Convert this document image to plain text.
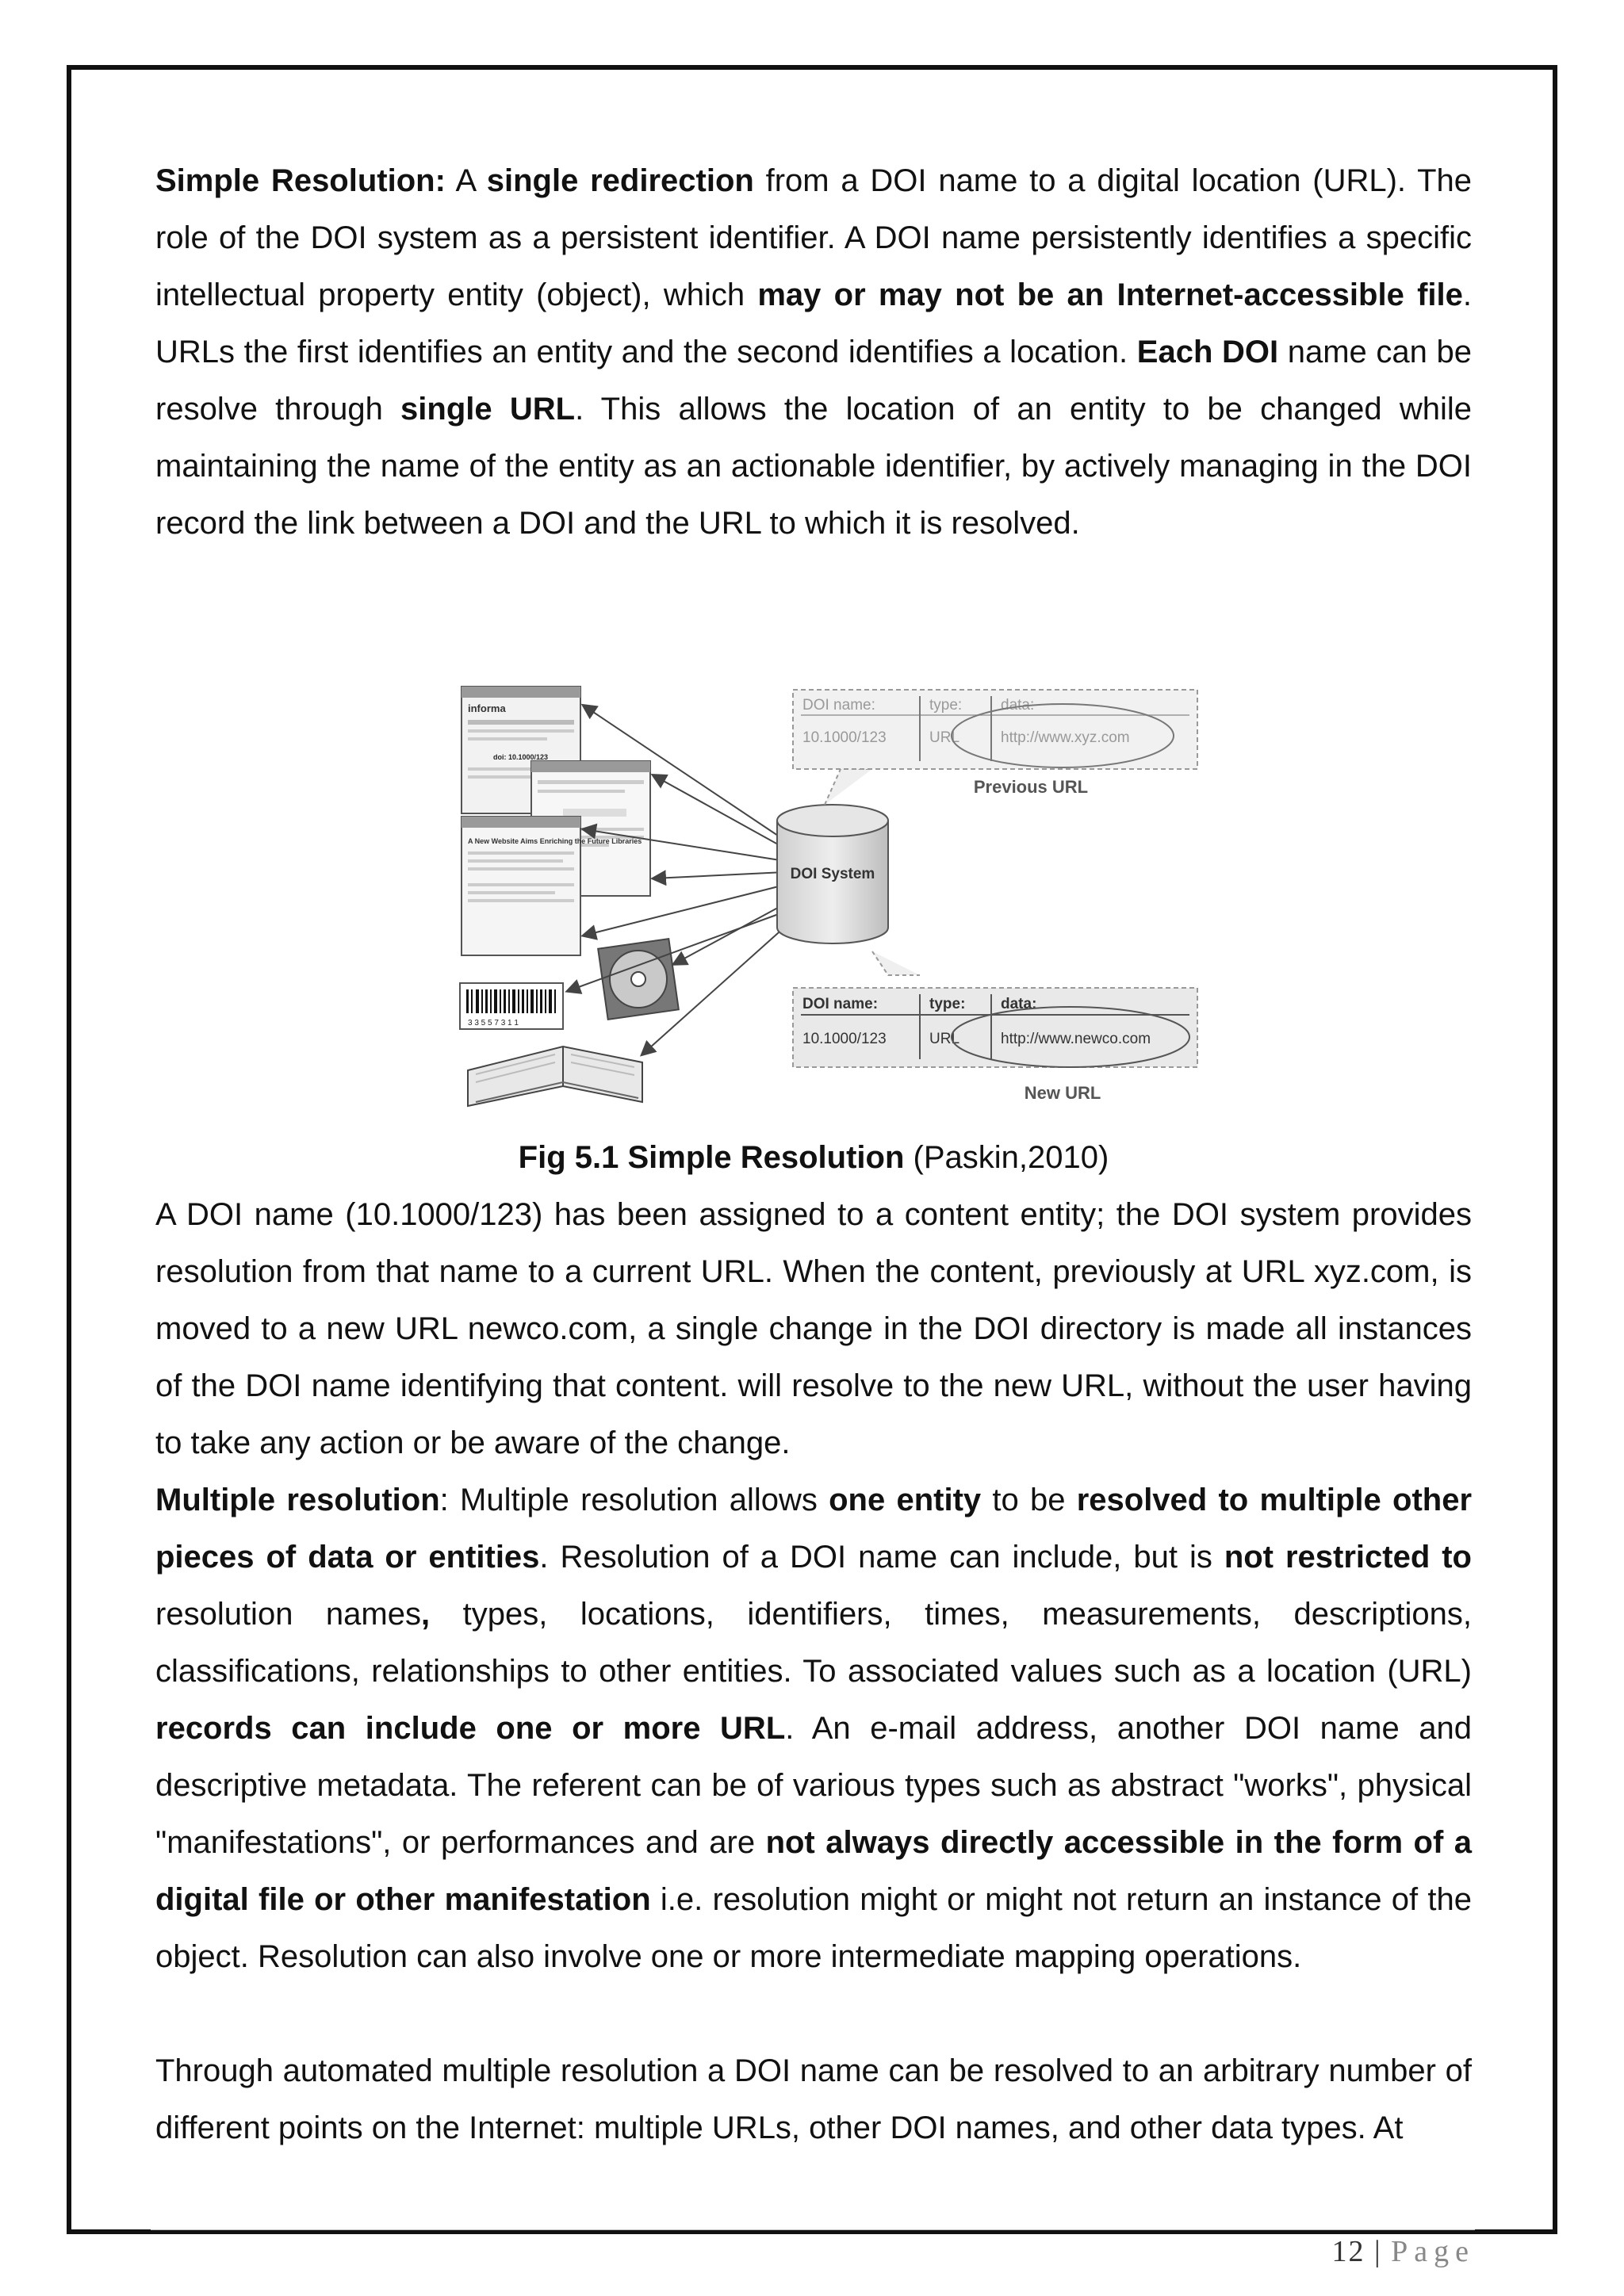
Simple Resolution: A single redirection from a DOI name to a digital location (URL). The role of the DOI system as a persistent identifier. A DOI name persistently identifies a specific intellectual property entity (object), which may or may not be an Internet-accessible file. URLs the first identifies an entity and the second identifies a location. Each DOI name can be resolve through single URL. This allows the location of an entity to be changed while maintaining the name of the entity as an actionable identifier, by actively managing in the DOI record the link between a DOI and the URL to which it is resolved.

informa
doi: 10.1000/123
A New Website Aims Enriching the Future Libraries
3 3 5 5 7 3 1 1
DOI System
DOI name:	type:	data:
10.1000/123	URL	http://www.xyz.com
Previous URL
DOI name:	type: data:
10.1000/123	URL	http://www.newco.com
New URL
Fig 5.1 Simple Resolution (Paskin,2010)

A DOI name (10.1000/123) has been assigned to a content entity; the DOI system provides resolution from that name to a current URL. When the content, previously at URL xyz.com, is moved to a new URL newco.com, a single change in the DOI directory is made all instances of the DOI name identifying that content. will resolve to the new URL, without the user having to take any action or be aware of the change.

Multiple resolution: Multiple resolution allows one entity to be resolved to multiple other pieces of data or entities. Resolution of a DOI name can include, but is not restricted to resolution names, types, locations, identifiers, times, measurements, descriptions, classifications, relationships to other entities. To associated values such as a location (URL) records can include one or more URL. An e-mail address, another DOI name and descriptive metadata. The referent can be of various types such as abstract "works", physical "manifestations", or performances and are not always directly accessible in the form of a digital file or other manifestation i.e. resolution might or might not return an instance of the object. Resolution can also involve one or more intermediate mapping operations.

Through automated multiple resolution a DOI name can be resolved to an arbitrary number of different points on the Internet: multiple URLs, other DOI names, and other data types. At

12 | Page
